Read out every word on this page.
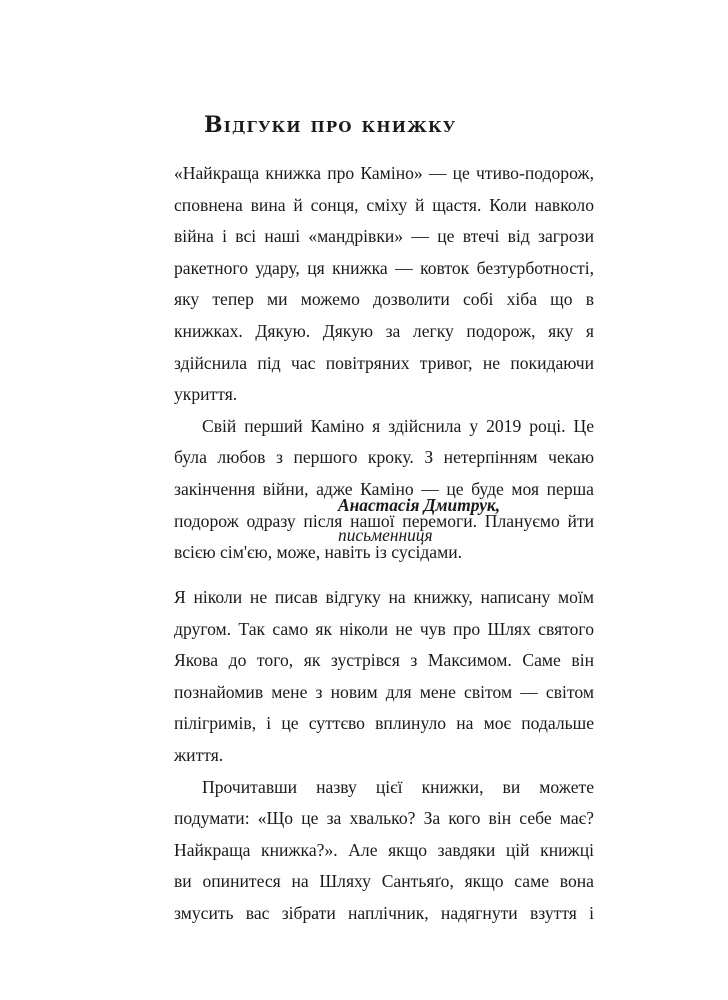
Відгуки про книжку

«Найкраща книжка про Каміно» — це чтиво-подорож,
сповнена вина й сонця, сміху й щастя. Коли навколо
війна і всі наші «мандрівки» — це втечі від загрози
ракетного удару, ця книжка — ковток безтурботності,
яку тепер ми можемо дозволити собі хіба що в
книжках. Дякую. Дякую за легку подорож, яку я
здійснила під час повітряних тривог, не покидаючи
укриття.

Свій перший Каміно я здійснила у 2019 році. Це
була любов з першого кроку. З нетерпінням чекаю
закінчення війни, адже Каміно — це буде моя перша
подорож одразу після нашої перемоги. Плануємо йти
всією сім'єю, може, навіть із сусідами.

Анастасія Дмитрук,
письменниця

Я ніколи не писав відгуку на книжку, написану моїм
другом. Так само як ніколи не чув про Шлях святого
Якова до того, як зустрівся з Максимом. Саме він
познайомив мене з новим для мене світом — світом
пілігримів, і це суттєво вплинуло на моє подальше
життя.

Прочитавши назву цієї книжки, ви можете
подумати: «Що це за хвалько? За кого він себе має?
Найкраща книжка?». Але якщо завдяки цій книжці
ви опинитеся на Шляху Сантьяґо, якщо саме вона
змусить вас зібрати наплічник, надягнути взуття і
